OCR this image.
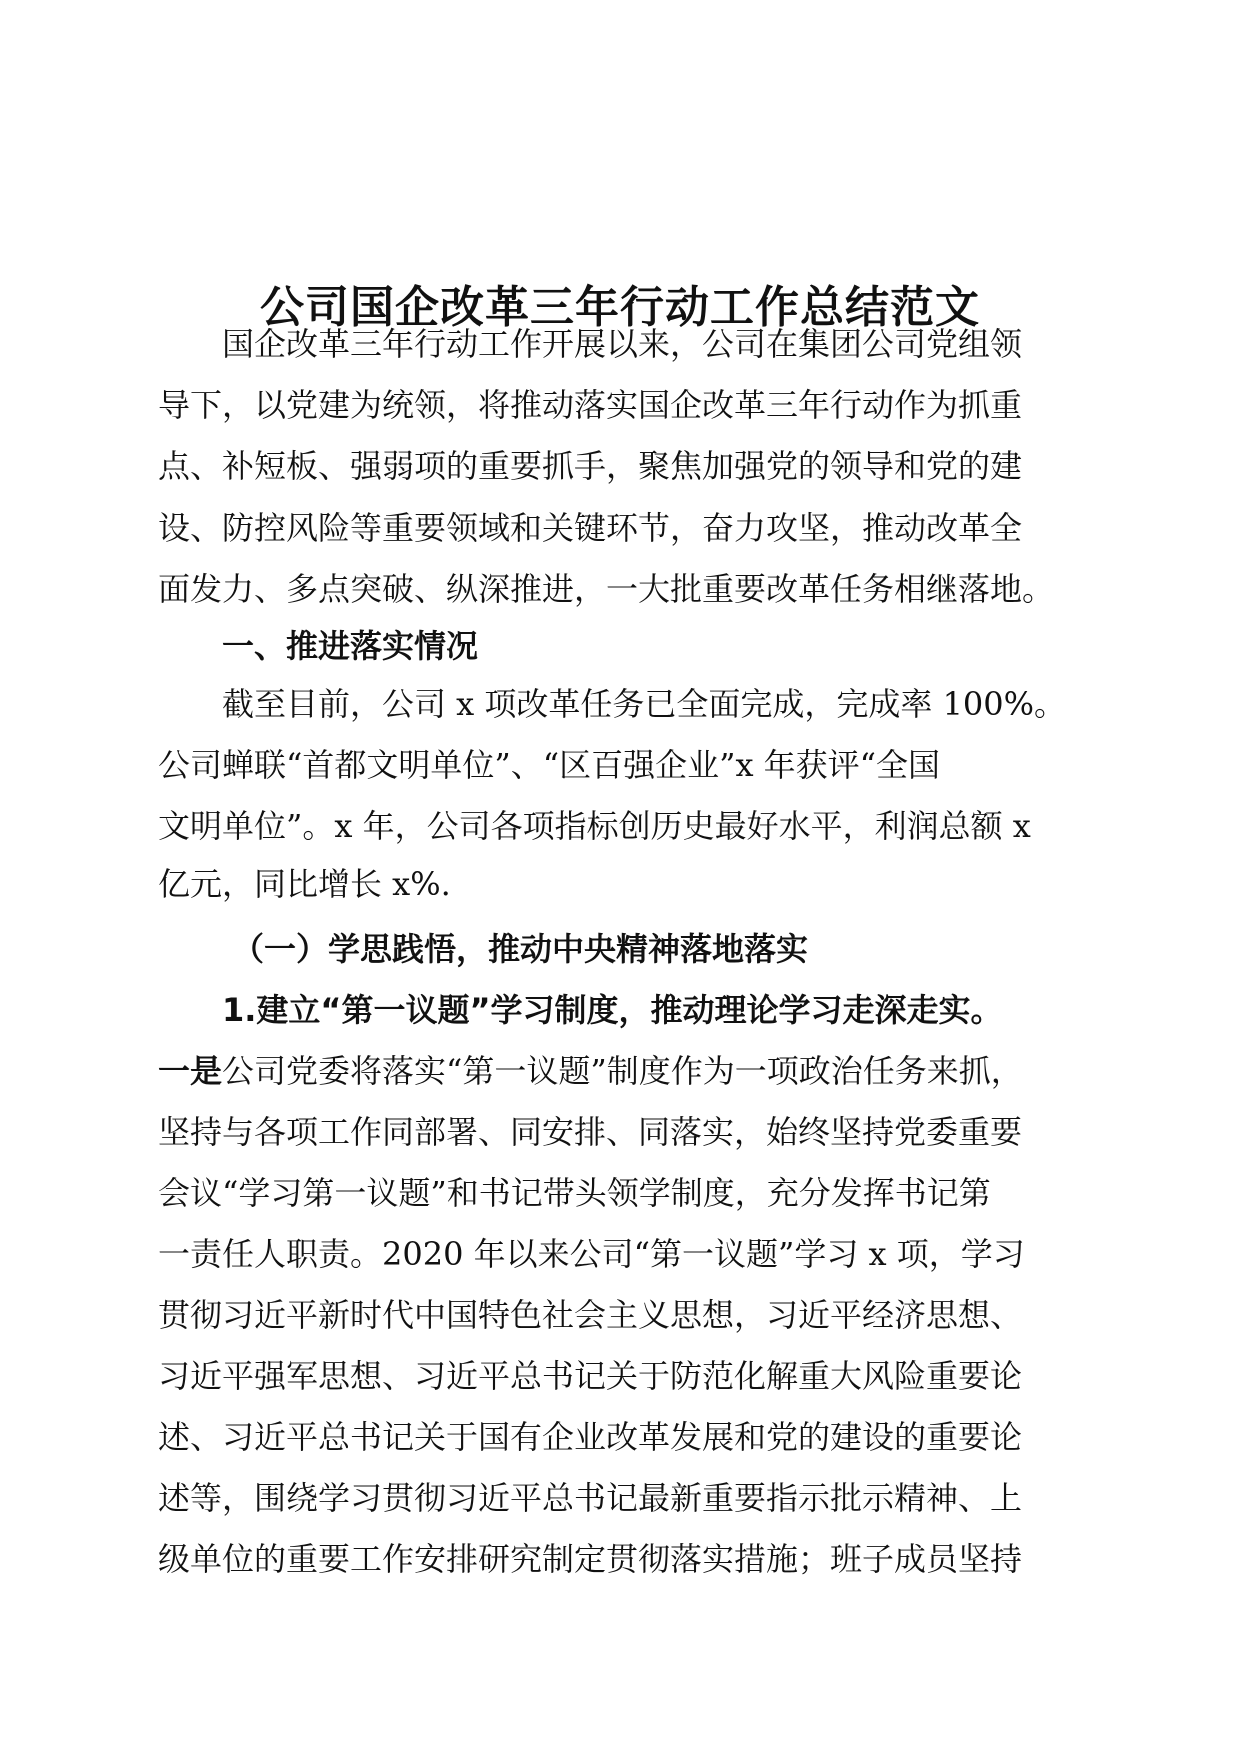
公司国企改革三年行动工作总结范文
国企改革三年行动工作开展以来，公司在集团公司党组领
导下，以党建为统领，将推动落实国企改革三年行动作为抓重
点、补短板、强弱项的重要抓手，聚焦加强党的领导和党的建
设、防控风险等重要领域和关键环节，奋力攻坚，推动改革全
面发力、多点突破、纵深推进，一大批重要改革任务相继落地。
一、推进落实情况
截至目前，公司 x 项改革任务已全面完成，完成率 100%。
公司蝉联“首都文明单位”、“区百强企业”x 年获评“全国
文明单位”。x 年，公司各项指标创历史最好水平，利润总额 x
亿元，同比增长 x%.
（一）学思践悟，推动中央精神落地落实
1.建立“第一议题”学习制度，推动理论学习走深走实。
一是公司党委将落实“第一议题”制度作为一项政治任务来抓，
坚持与各项工作同部署、同安排、同落实，始终坚持党委重要
会议“学习第一议题”和书记带头领学制度，充分发挥书记第
一责任人职责。2020 年以来公司“第一议题”学习 x 项，学习
贯彻习近平新时代中国特色社会主义思想，习近平经济思想、
习近平强军思想、习近平总书记关于防范化解重大风险重要论
述、习近平总书记关于国有企业改革发展和党的建设的重要论
述等，围绕学习贯彻习近平总书记最新重要指示批示精神、上
级单位的重要工作安排研究制定贯彻落实措施；班子成员坚持
